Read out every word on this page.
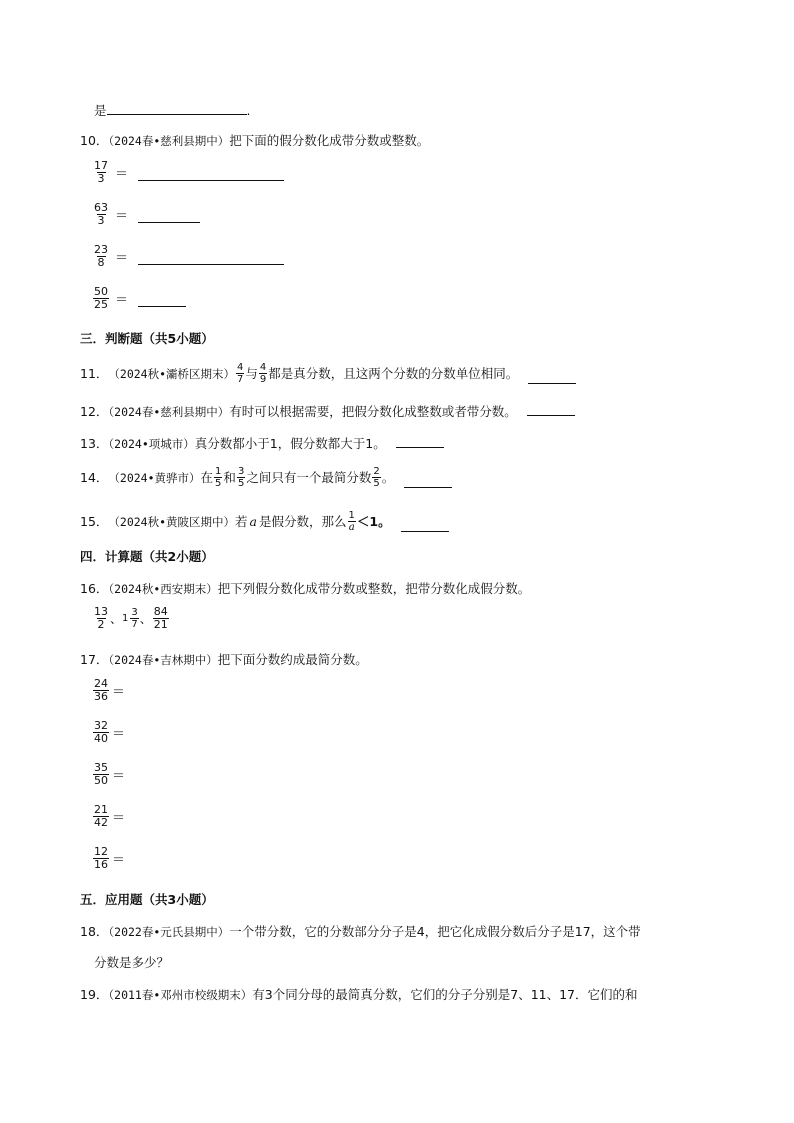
是	.
10．（2024春•慈利县期中）把下面的假分数化成带分数或整数。
$\frac{17}{3}$ ＝
$\frac{63}{3}$ ＝
$\frac{23}{8}$ ＝
$\frac{50}{25}$ ＝
三．判断题（共5小题）
11． （2024秋•灞桥区期末） $\frac{4}{7}$ 与 $\frac{4}{9}$ 都是真分数，且这两个分数的分数单位相同。
12．（2024春•慈利县期中）有时可以根据需要，把假分数化成整数或者带分数。
13．（2024•项城市）真分数都小于1，假分数都大于1。
14． （2024•黄骅市） 在 $\frac{1}{5}$ 和 $\frac{3}{5}$ 之间只有一个最简分数 $\frac{2}{5}$ 。
15． （2024秋•黄陂区期中） 若 a 是假分数，那么 $\frac{1}{a} <1$。
四．计算题（共2小题）
16．（2024秋•西安期末）把下列假分数化成带分数或整数，把带分数化成假分数。
$\frac{13}{2}$ 、 $1 \frac{3}{7}$ 、 $\frac{84}{21}$
17．（2024春•吉林期中）把下面分数约成最简分数。
$\frac{24}{36}$ ＝
$\frac{32}{40}$ ＝
$\frac{35}{50}$ ＝
$\frac{21}{42}$ ＝
$\frac{12}{16}$ ＝
五．应用题（共3小题）
18．（2022春•元氏县期中）一个带分数，它的分数部分分子是4，把它化成假分数后分子是17，这个带
分数是多少？
19．（2011春•邓州市校级期末）有3个同分母的最简真分数，它们的分子分别是7、11、17．它们的和
